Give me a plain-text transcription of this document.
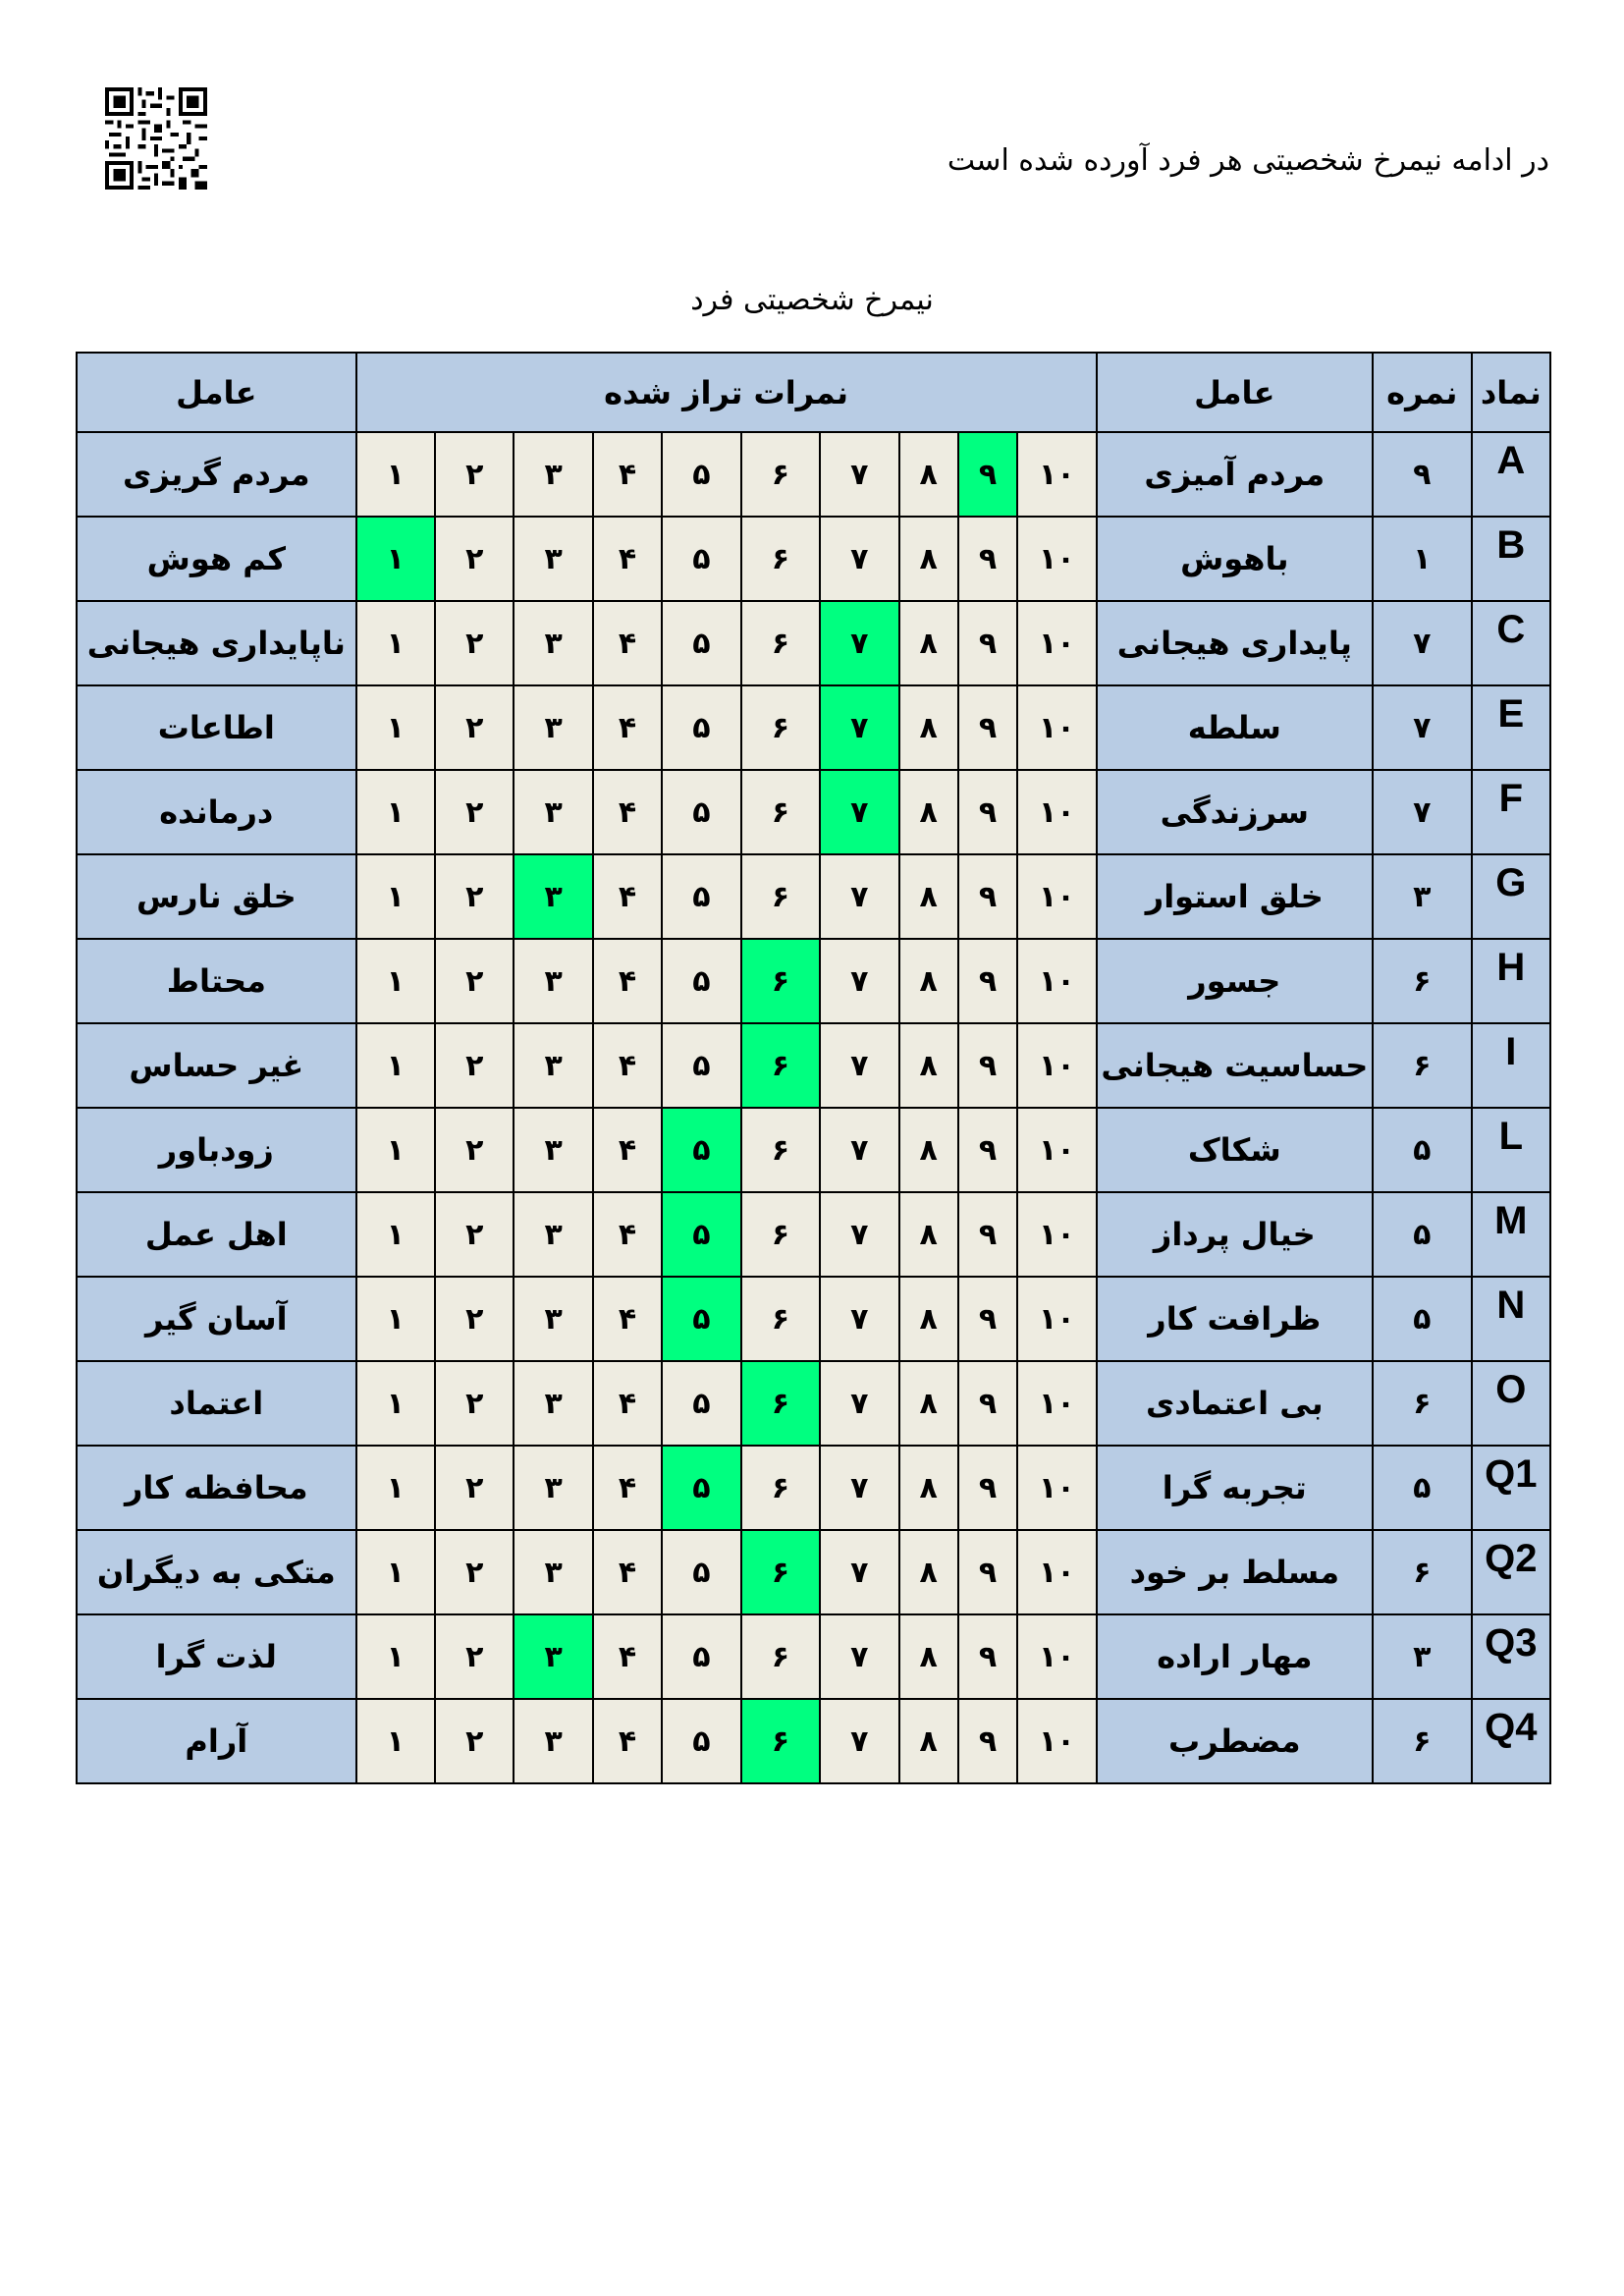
در ادامه نیمرخ شخصیتی هر فرد آورده شده است
نیمرخ شخصیتی فرد
نماد	نمره	عامل	نمرات تراز شده										عامل
A	۹	مردم آمیزی	۱۰	۹	۸	۷	۶	۵	۴	۳	۲	۱	مردم گریزی
B	۱	باهوش	۱۰	۹	۸	۷	۶	۵	۴	۳	۲	۱	کم هوش
C	۷	پایداری هیجانی	۱۰	۹	۸	۷	۶	۵	۴	۳	۲	۱	ناپایداری هیجانی
E	۷	سلطه	۱۰	۹	۸	۷	۶	۵	۴	۳	۲	۱	اطاعات
F	۷	سرزندگی	۱۰	۹	۸	۷	۶	۵	۴	۳	۲	۱	درمانده
G	۳	خلق استوار	۱۰	۹	۸	۷	۶	۵	۴	۳	۲	۱	خلق نارس
H	۶	جسور	۱۰	۹	۸	۷	۶	۵	۴	۳	۲	۱	محتاط
I	۶	حساسیت هیجانی	۱۰	۹	۸	۷	۶	۵	۴	۳	۲	۱	غیر حساس
L	۵	شکاک	۱۰	۹	۸	۷	۶	۵	۴	۳	۲	۱	زودباور
M	۵	خیال پرداز	۱۰	۹	۸	۷	۶	۵	۴	۳	۲	۱	اهل عمل
N	۵	ظرافت کار	۱۰	۹	۸	۷	۶	۵	۴	۳	۲	۱	آسان گیر
O	۶	بی اعتمادی	۱۰	۹	۸	۷	۶	۵	۴	۳	۲	۱	اعتماد
Q1	۵	تجربه گرا	۱۰	۹	۸	۷	۶	۵	۴	۳	۲	۱	محافظه کار
Q2	۶	مسلط بر خود	۱۰	۹	۸	۷	۶	۵	۴	۳	۲	۱	متکی به دیگران
Q3	۳	مهار اراده	۱۰	۹	۸	۷	۶	۵	۴	۳	۲	۱	لذت گرا
Q4	۶	مضطرب	۱۰	۹	۸	۷	۶	۵	۴	۳	۲	۱	آرام
